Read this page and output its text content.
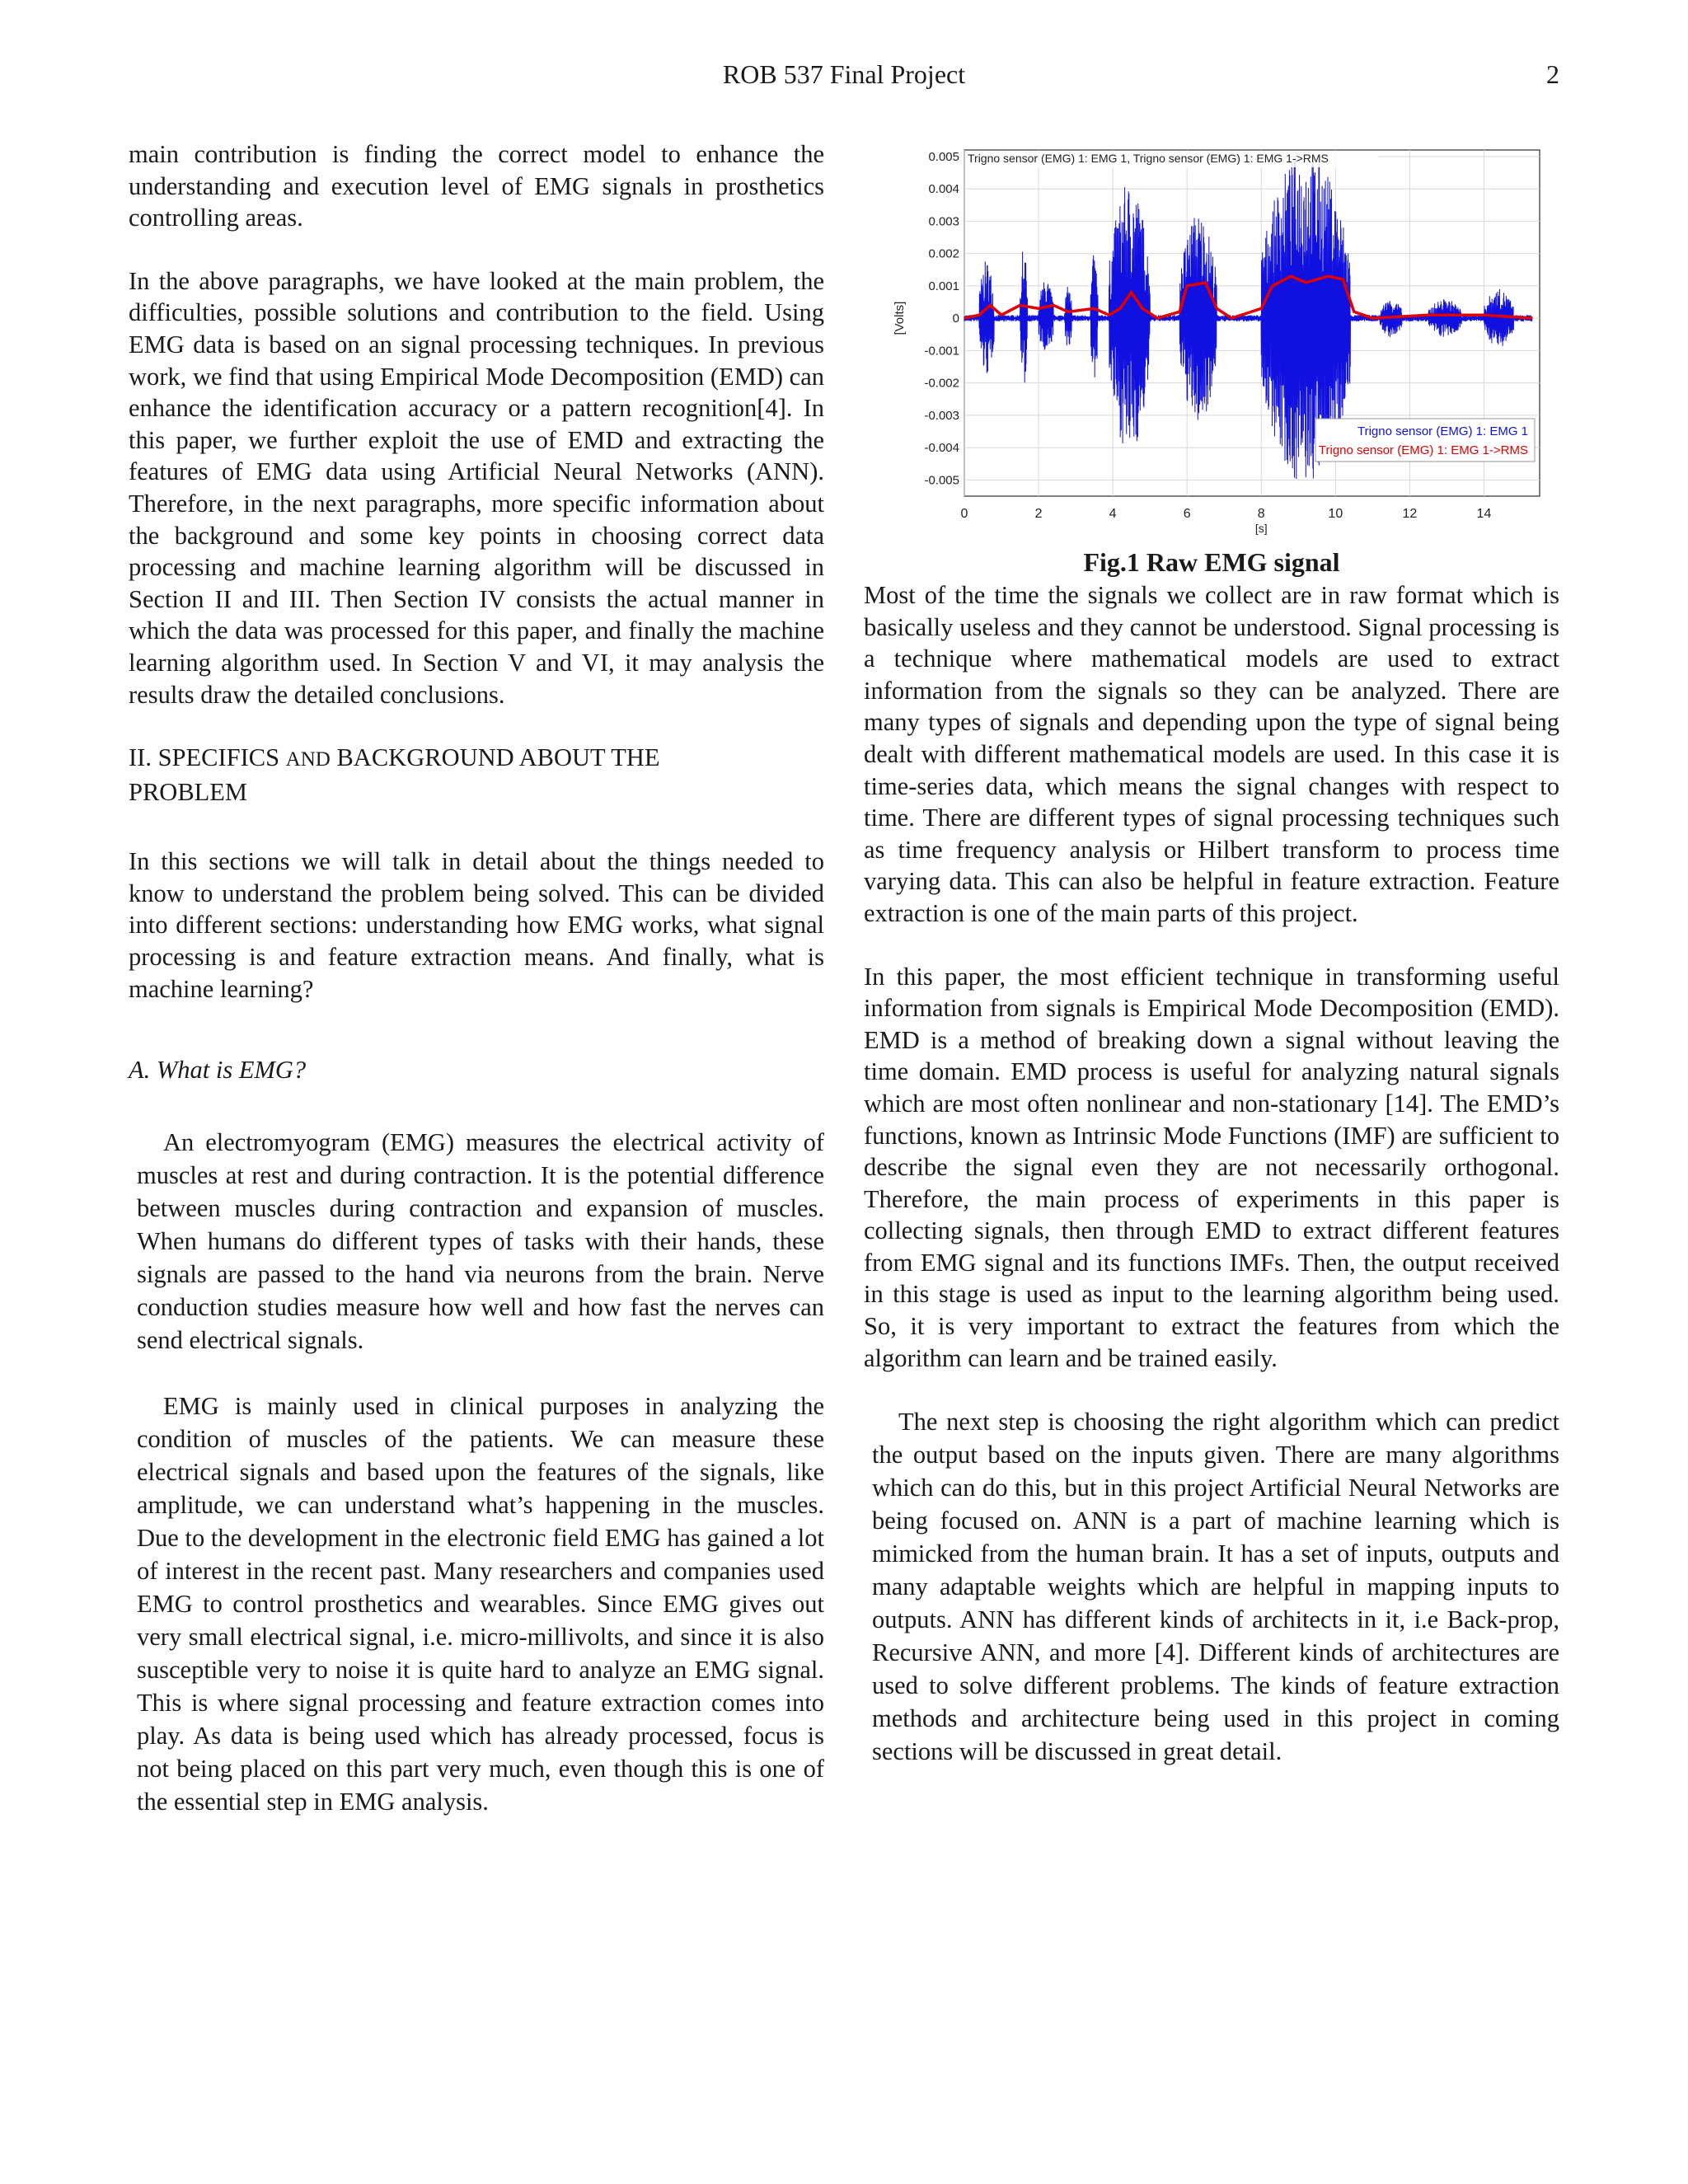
ROB 537 Final Project	2

main contribution is finding the correct model to enhance the understanding and execution level of EMG signals in prosthetics controlling areas.

In the above paragraphs, we have looked at the main problem, the difficulties, possible solutions and contribution to the field. Using EMG data is based on an signal processing techniques. In previous work, we find that using Empirical Mode Decomposition (EMD) can enhance the identification accuracy or a pattern recognition[4]. In this paper, we further exploit the use of EMD and extracting the features of EMG data using Artificial Neural Networks (ANN). Therefore, in the next paragraphs, more specific information about the background and some key points in choosing correct data processing and machine learning algorithm will be discussed in Section II and III. Then Section IV consists the actual manner in which the data was processed for this paper, and finally the machine learning algorithm used. In Section V and VI, it may analysis the results draw the detailed conclusions.

II. SPECIFICS AND BACKGROUND ABOUT THE
PROBLEM

In this sections we will talk in detail about the things needed to know to understand the problem being solved. This can be divided into different sections: understanding how EMG works, what signal processing is and feature extraction means. And finally, what is machine learning?

A. What is EMG?

An electromyogram (EMG) measures the electrical activity of muscles at rest and during contraction. It is the potential difference between muscles during contraction and expansion of muscles. When humans do different types of tasks with their hands, these signals are passed to the hand via neurons from the brain. Nerve conduction studies measure how well and how fast the nerves can send electrical signals.

EMG is mainly used in clinical purposes in analyzing the condition of muscles of the patients. We can measure these electrical signals and based upon the features of the signals, like amplitude, we can understand what’s happening in the muscles. Due to the development in the electronic field EMG has gained a lot of interest in the recent past. Many researchers and companies used EMG to control prosthetics and wearables. Since EMG gives out very small electrical signal, i.e. micro-millivolts, and since it is also susceptible very to noise it is quite hard to analyze an EMG signal. This is where signal processing and feature extraction comes into play. As data is being used which has already processed, focus is not being placed on this part very much, even though this is one of the essential step in EMG analysis.

0	2	4	6	8	10	12	14
0.005
0.004
0.003
0.002
0.001
0
-0.001
-0.002
-0.003
-0.004
-0.005
[s]
[Volts]
Trigno sensor (EMG) 1: EMG 1, Trigno sensor (EMG) 1: EMG 1->RMS
Trigno sensor (EMG) 1: EMG 1
Trigno sensor (EMG) 1: EMG 1->RMS
Fig.1 Raw EMG signal

Most of the time the signals we collect are in raw format which is basically useless and they cannot be understood. Signal processing is a technique where mathematical models are used to extract information from the signals so they can be analyzed. There are many types of signals and depending upon the type of signal being dealt with different mathematical models are used. In this case it is time-series data, which means the signal changes with respect to time. There are different types of signal processing techniques such as time frequency analysis or Hilbert transform to process time varying data. This can also be helpful in feature extraction. Feature extraction is one of the main parts of this project.

In this paper, the most efficient technique in transforming useful information from signals is Empirical Mode Decomposition (EMD). EMD is a method of breaking down a signal without leaving the time domain. EMD process is useful for analyzing natural signals which are most often nonlinear and non-stationary [14]. The EMD’s functions, known as Intrinsic Mode Functions (IMF) are sufficient to describe the signal even they are not necessarily orthogonal. Therefore, the main process of experiments in this paper is collecting signals, then through EMD to extract different features from EMG signal and its functions IMFs. Then, the output received in this stage is used as input to the learning algorithm being used. So, it is very important to extract the features from which the algorithm can learn and be trained easily.

The next step is choosing the right algorithm which can predict the output based on the inputs given. There are many algorithms which can do this, but in this project Artificial Neural Networks are being focused on. ANN is a part of machine learning which is mimicked from the human brain. It has a set of inputs, outputs and many adaptable weights which are helpful in mapping inputs to outputs. ANN has different kinds of architects in it, i.e Back-prop, Recursive ANN, and more [4]. Different kinds of architectures are used to solve different problems. The kinds of feature extraction methods and architecture being used in this project in coming sections will be discussed in great detail.
